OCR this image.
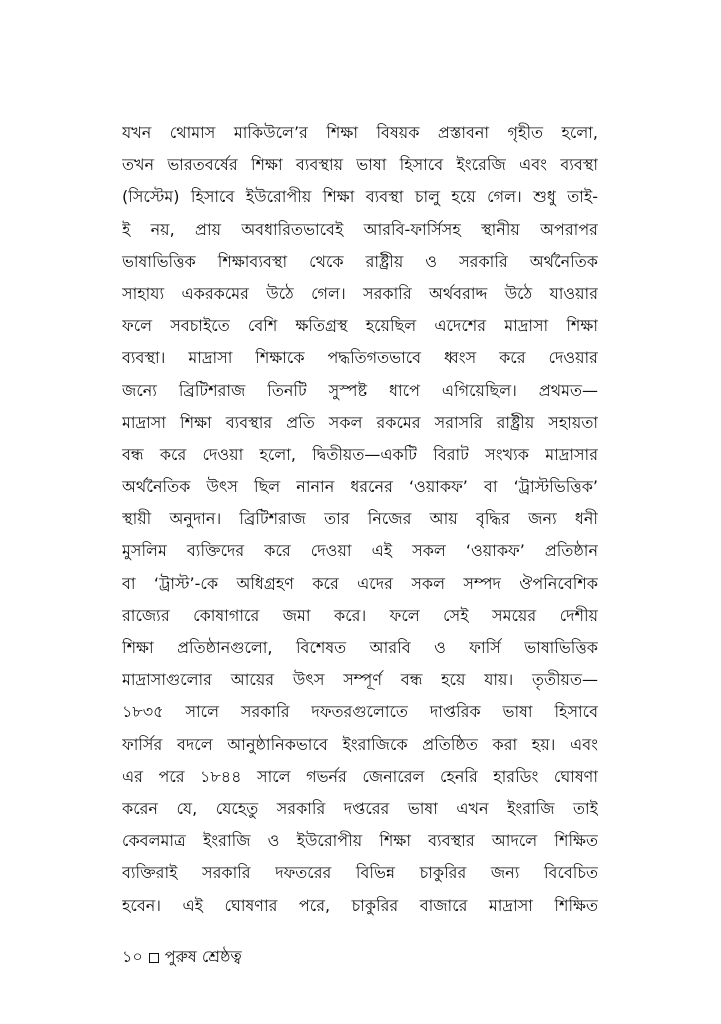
যখন থোমাস মাকিউলে’র শিক্ষা বিষয়ক প্রস্তাবনা গৃহীত হলো,
তখন ভারতবর্ষের শিক্ষা ব্যবস্থায় ভাষা হিসাবে ইংরেজি এবং ব্যবস্থা
(সিস্টেম) হিসাবে ইউরোপীয় শিক্ষা ব্যবস্থা চালু হয়ে গেল। শুধু তাই-
ই নয়, প্রায় অবধারিতভাবেই আরবি-ফার্সিসহ স্থানীয় অপরাপর
ভাষাভিত্তিক শিক্ষাব্যবস্থা থেকে রাষ্ট্রীয় ও সরকারি অর্থনৈতিক
সাহায্য একরকমের উঠে গেল। সরকারি অর্থবরাদ্দ উঠে যাওয়ার
ফলে সবচাইতে বেশি ক্ষতিগ্রস্থ হয়েছিল এদেশের মাদ্রাসা শিক্ষা
ব্যবস্থা। মাদ্রাসা শিক্ষাকে পদ্ধতিগতভাবে ধ্বংস করে দেওয়ার
জন্যে ব্রিটিশরাজ তিনটি সুস্পষ্ট ধাপে এগিয়েছিল। প্রথমত—
মাদ্রাসা শিক্ষা ব্যবস্থার প্রতি সকল রকমের সরাসরি রাষ্ট্রীয় সহায়তা
বন্ধ করে দেওয়া হলো, দ্বিতীয়ত—একটি বিরাট সংখ্যক মাদ্রাসার
অর্থনৈতিক উৎস ছিল নানান ধরনের ‘ওয়াকফ’ বা ‘ট্রাস্টভিত্তিক’
স্থায়ী অনুদান। ব্রিটিশরাজ তার নিজের আয় বৃদ্ধির জন্য ধনী
মুসলিম ব্যক্তিদের করে দেওয়া এই সকল ‘ওয়াকফ’ প্রতিষ্ঠান
বা ‘ট্রাস্ট’-কে অধিগ্রহণ করে এদের সকল সম্পদ ঔপনিবেশিক
রাজ্যের কোষাগারে জমা করে। ফলে সেই সময়ের দেশীয়
শিক্ষা প্রতিষ্ঠানগুলো, বিশেষত আরবি ও ফার্সি ভাষাভিত্তিক
মাদ্রাসাগুলোর আয়ের উৎস সম্পূর্ণ বন্ধ হয়ে যায়। তৃতীয়ত—
১৮৩৫ সালে সরকারি দফতরগুলোতে দাপ্তরিক ভাষা হিসাবে
ফার্সির বদলে আনুষ্ঠানিকভাবে ইংরাজিকে প্রতিষ্ঠিত করা হয়। এবং
এর পরে ১৮৪৪ সালে গভর্নর জেনারেল হেনরি হারডিং ঘোষণা
করেন যে, যেহেতু সরকারি দপ্তরের ভাষা এখন ইংরাজি তাই
কেবলমাত্র ইংরাজি ও ইউরোপীয় শিক্ষা ব্যবস্থার আদলে শিক্ষিত
ব্যক্তিরাই সরকারি দফতরের বিভিন্ন চাকুরির জন্য বিবেচিত
হবেন। এই ঘোষণার পরে, চাকুরির বাজারে মাদ্রাসা শিক্ষিত
১০ পুরুষ শ্রেষ্ঠত্ব
